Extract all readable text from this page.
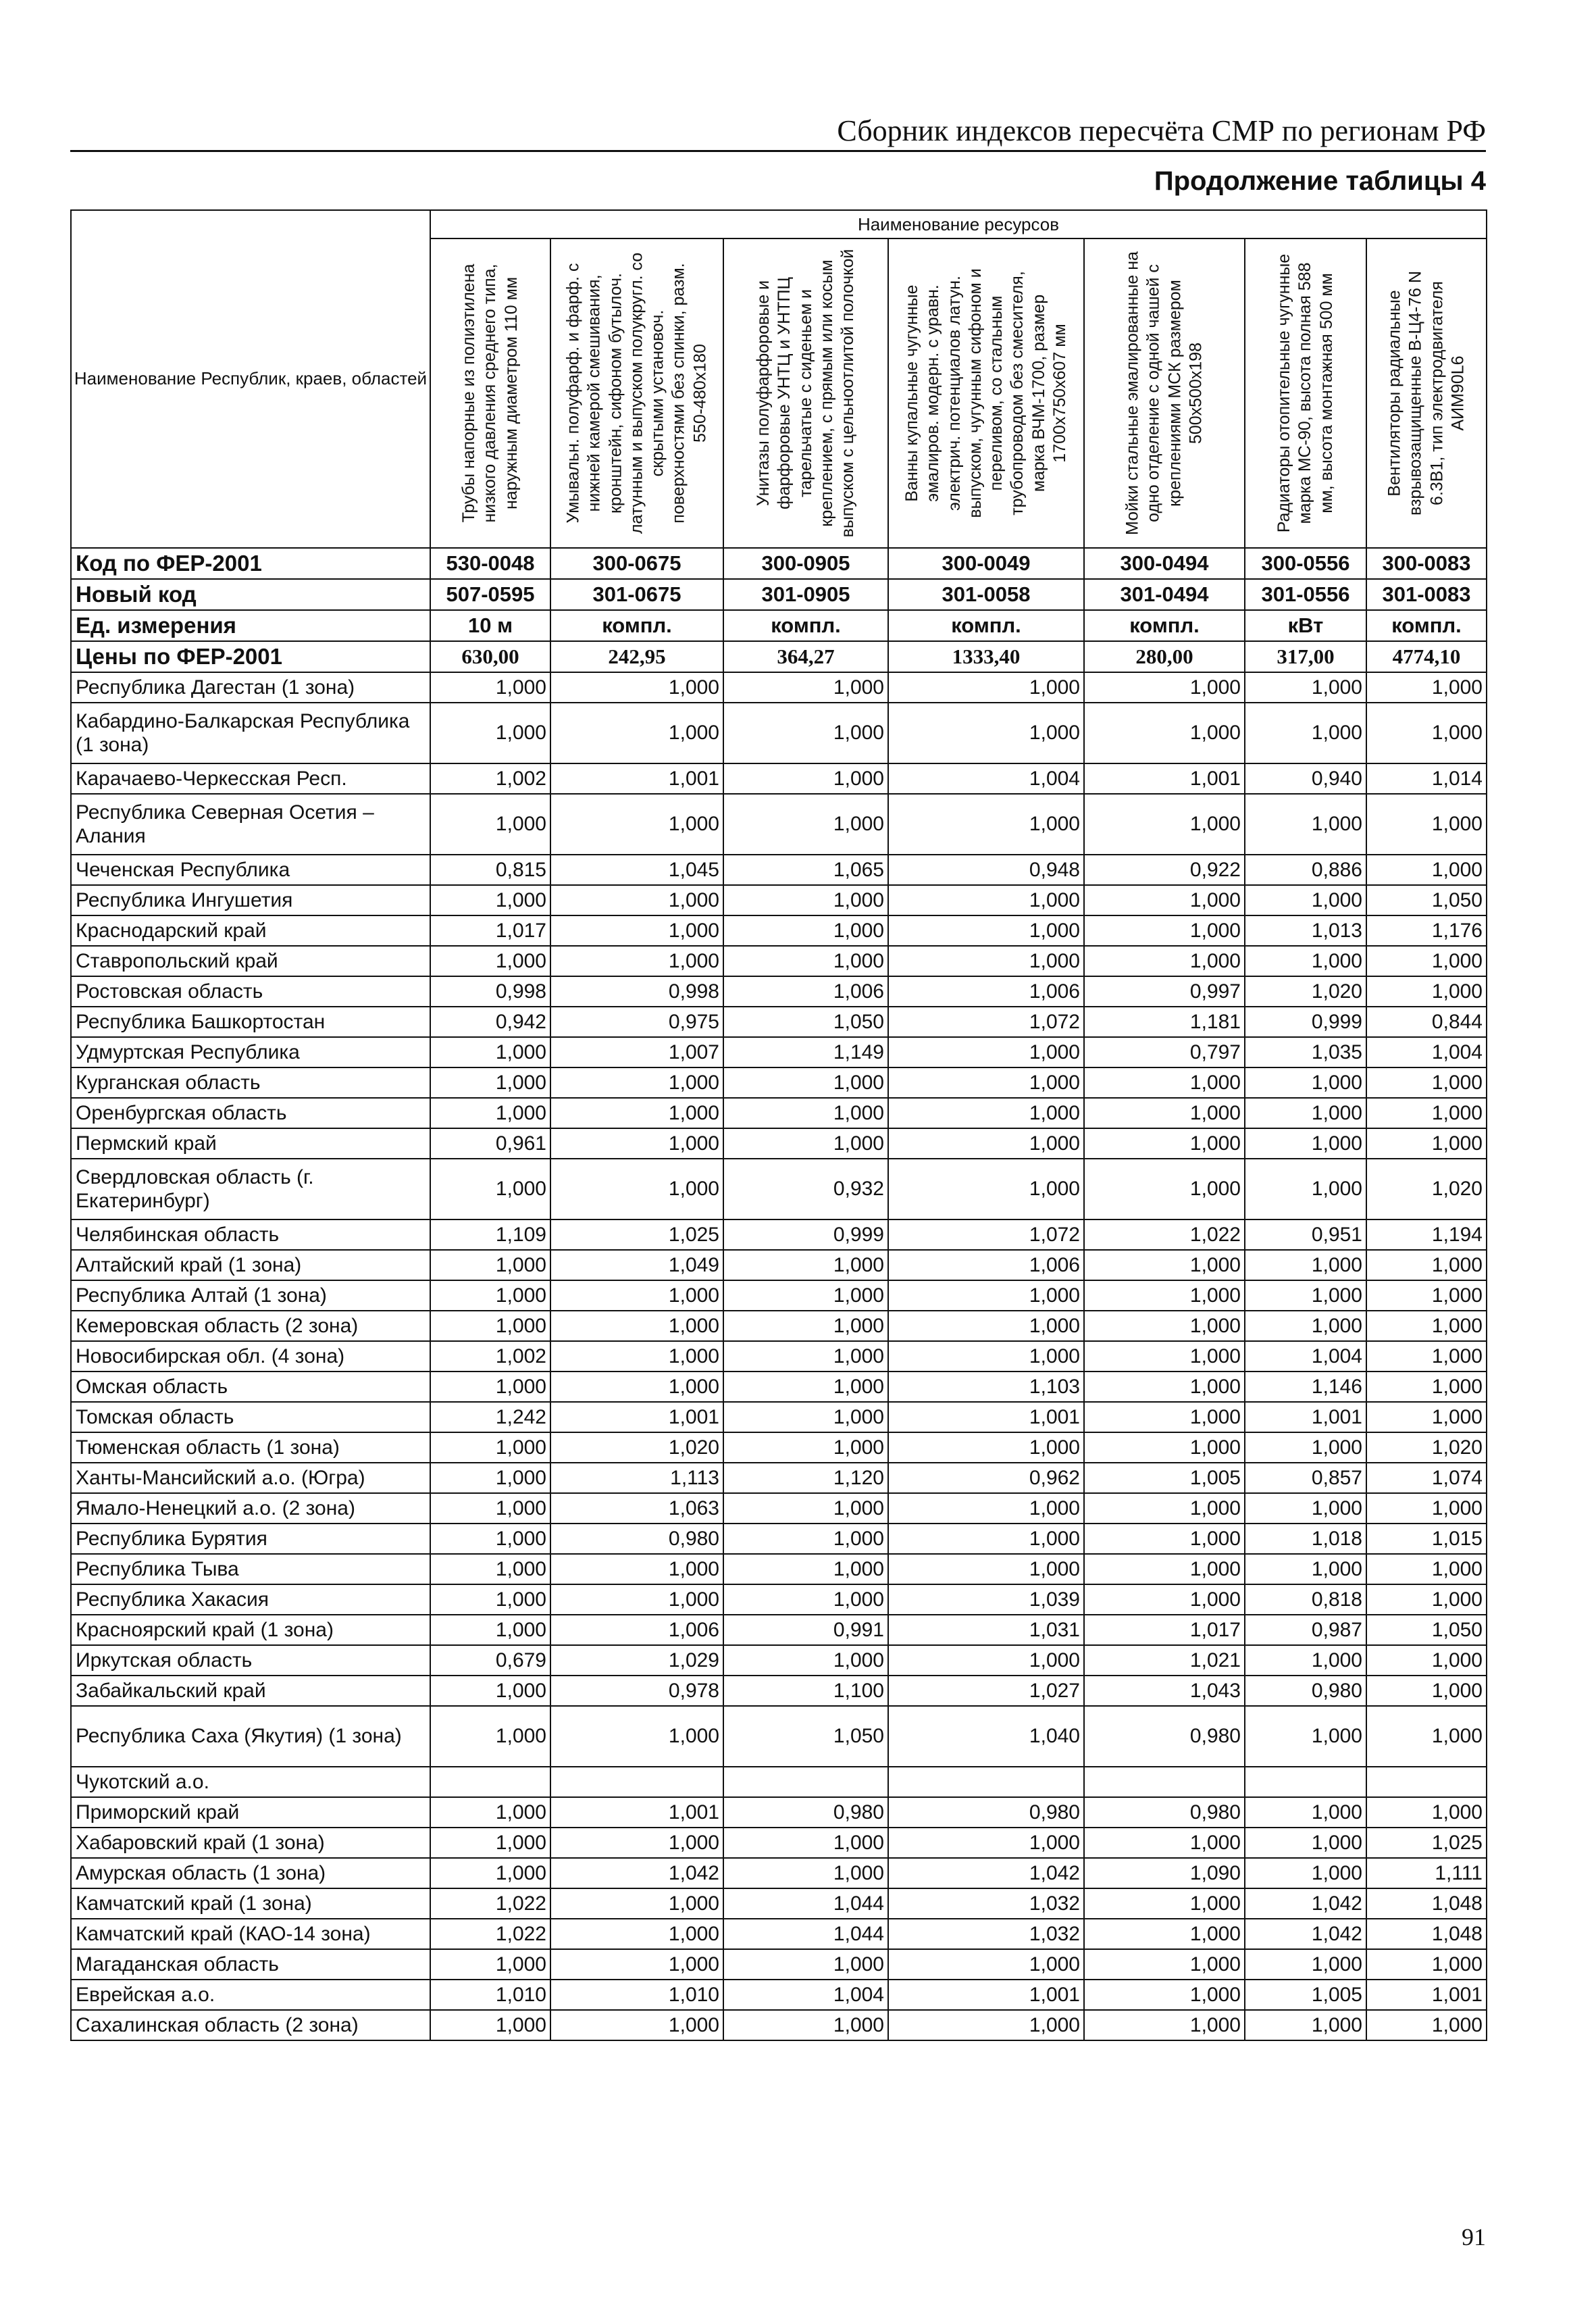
Сборник индексов пересчёта СМР по регионам РФ
Продолжение таблицы 4
Наименование Республик, краев, областей	Наименование ресурсов						

	Трубы напорные из полиэтилена низкого давления среднего типа, наружным диаметром 110 мм	Умывальн. полуфарф. и фарф. с нижней камерой смешивания, кронштейн, сифоном бутылоч. латунным и выпуском полукругл. со скрытыми установоч. поверхностями без спинки, разм. 550-480х180	Унитазы полуфарфоровые и фарфоровые УНТЦ и УНТПЦ тарельчатые с сиденьем и креплением, с прямым или косым выпуском с цельноотлитой полочкой	Ванны купальные чугунные эмалиров. модерн. с уравн. электрич. потенциалов латун. выпуском, чугунным сифоном и переливом, со стальным трубопроводом без смесителя, марка ВЧМ-1700, размер 1700х750х607 мм	Мойки стальные эмалированные на одно отделение с одной чашей с креплениями МСК размером 500х500х198	Радиаторы отопительные чугунные марка МС-90, высота полная 588 мм, высота монтажная 500 мм	Вентиляторы радиальные взрывозащищенные В-Ц4-76 N 6.3В1, тип электродвигателя АИМ90L6

Код по ФЕР-2001	530-0048	300-0675	300-0905	300-0049	300-0494	300-0556	300-0083
Новый код	507-0595	301-0675	301-0905	301-0058	301-0494	301-0556	301-0083
Ед. измерения	10 м	компл.	компл.	компл.	компл.	кВт	компл.
Цены по ФЕР-2001	630,00	242,95	364,27	1333,40	280,00	317,00	4774,10
Республика Дагестан (1 зона)	1,000	1,000	1,000	1,000	1,000	1,000	1,000
Кабардино-Балкарская Республика (1 зона)	1,000	1,000	1,000	1,000	1,000	1,000	1,000
Карачаево-Черкесская Респ.	1,002	1,001	1,000	1,004	1,001	0,940	1,014
Республика Северная Осетия – Алания	1,000	1,000	1,000	1,000	1,000	1,000	1,000
Чеченская Республика	0,815	1,045	1,065	0,948	0,922	0,886	1,000
Республика Ингушетия	1,000	1,000	1,000	1,000	1,000	1,000	1,050
Краснодарский край	1,017	1,000	1,000	1,000	1,000	1,013	1,176
Ставропольский край	1,000	1,000	1,000	1,000	1,000	1,000	1,000
Ростовская область	0,998	0,998	1,006	1,006	0,997	1,020	1,000
Республика Башкортостан	0,942	0,975	1,050	1,072	1,181	0,999	0,844
Удмуртская Республика	1,000	1,007	1,149	1,000	0,797	1,035	1,004
Курганская область	1,000	1,000	1,000	1,000	1,000	1,000	1,000
Оренбургская область	1,000	1,000	1,000	1,000	1,000	1,000	1,000
Пермский край	0,961	1,000	1,000	1,000	1,000	1,000	1,000
Свердловская область (г. Екатеринбург)	1,000	1,000	0,932	1,000	1,000	1,000	1,020
Челябинская область	1,109	1,025	0,999	1,072	1,022	0,951	1,194
Алтайский край (1 зона)	1,000	1,049	1,000	1,006	1,000	1,000	1,000
Республика Алтай (1 зона)	1,000	1,000	1,000	1,000	1,000	1,000	1,000
Кемеровская область (2 зона)	1,000	1,000	1,000	1,000	1,000	1,000	1,000
Новосибирская обл. (4 зона)	1,002	1,000	1,000	1,000	1,000	1,004	1,000
Омская область	1,000	1,000	1,000	1,103	1,000	1,146	1,000
Томская область	1,242	1,001	1,000	1,001	1,000	1,001	1,000
Тюменская область (1 зона)	1,000	1,020	1,000	1,000	1,000	1,000	1,020
Ханты-Мансийский а.о. (Югра)	1,000	1,113	1,120	0,962	1,005	0,857	1,074
Ямало-Ненецкий а.о. (2 зона)	1,000	1,063	1,000	1,000	1,000	1,000	1,000
Республика Бурятия	1,000	0,980	1,000	1,000	1,000	1,018	1,015
Республика Тыва	1,000	1,000	1,000	1,000	1,000	1,000	1,000
Республика Хакасия	1,000	1,000	1,000	1,039	1,000	0,818	1,000
Красноярский край (1 зона)	1,000	1,006	0,991	1,031	1,017	0,987	1,050
Иркутская область	0,679	1,029	1,000	1,000	1,021	1,000	1,000
Забайкальский край	1,000	0,978	1,100	1,027	1,043	0,980	1,000
Республика Саха (Якутия) (1 зона)	1,000	1,000	1,050	1,040	0,980	1,000	1,000
Чукотский а.о.							
Приморский край	1,000	1,001	0,980	0,980	0,980	1,000	1,000
Хабаровский край (1 зона)	1,000	1,000	1,000	1,000	1,000	1,000	1,025
Амурская область (1 зона)	1,000	1,042	1,000	1,042	1,090	1,000	1,111
Камчатский край (1 зона)	1,022	1,000	1,044	1,032	1,000	1,042	1,048
Камчатский край (КАО-14 зона)	1,022	1,000	1,044	1,032	1,000	1,042	1,048
Магаданская область	1,000	1,000	1,000	1,000	1,000	1,000	1,000
Еврейская а.о.	1,010	1,010	1,004	1,001	1,000	1,005	1,001
Сахалинская область (2 зона)	1,000	1,000	1,000	1,000	1,000	1,000	1,000
91
